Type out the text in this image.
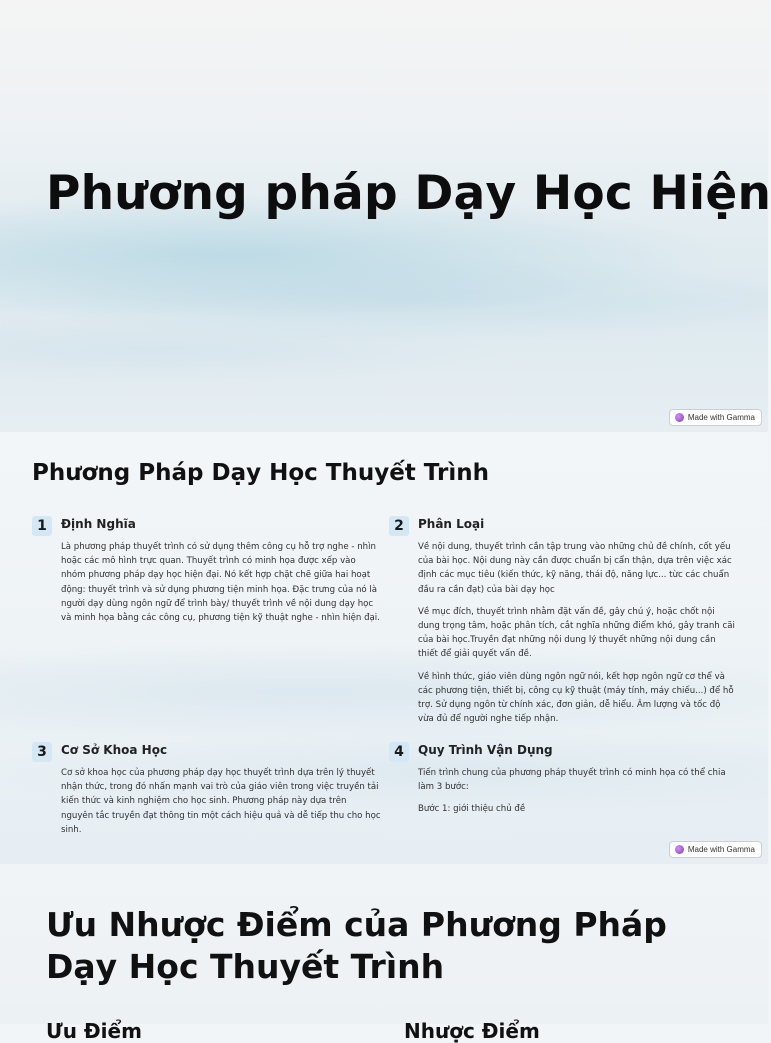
Phương pháp Dạy Học Hiện
Made with Gamma
Phương Pháp Dạy Học Thuyết Trình
1	Định Nghĩa

Là phương pháp thuyết trình có sử dụng thêm công cụ hỗ trợ nghe - nhìn hoặc các mô hình trực quan. Thuyết trình có minh họa được xếp vào nhóm phương pháp dạy học hiện đại. Nó kết hợp chặt chẽ giữa hai hoạt động: thuyết trình và sử dụng phương tiện minh họa. Đặc trưng của nó là người dạy dùng ngôn ngữ để trình bày/ thuyết trình về nội dung dạy học và minh họa bằng các công cụ, phương tiện kỹ thuật nghe - nhìn hiện đại.

2	Phân Loại

Về nội dung, thuyết trình cần tập trung vào những chủ đề chính, cốt yếu của bài học. Nội dung này cần được chuẩn bị cẩn thận, dựa trên việc xác định các mục tiêu (kiến thức, kỹ năng, thái độ, năng lực... từc các chuẩn đầu ra cần đạt) của bài dạy học

Về mục đích, thuyết trình nhằm đặt vấn đề, gây chú ý, hoặc chốt nội dung trọng tâm, hoặc phân tích, cắt nghĩa những điểm khó, gây tranh cãi của bài học.Truyền đạt những nội dung lý thuyết những nội dung cần thiết để giải quyết vấn đề.

Về hình thức, giáo viên dùng ngôn ngữ nói, kết hợp ngôn ngữ cơ thể và các phương tiện, thiết bị, công cụ kỹ thuật (máy tính, máy chiếu...) để hỗ trợ. Sử dụng ngôn từ chính xác, đơn giản, dễ hiểu. Âm lượng và tốc độ vừa đủ để người nghe tiếp nhận.

3	Cơ Sở Khoa Học

Cơ sở khoa học của phương pháp dạy học thuyết trình dựa trên lý thuyết nhận thức, trong đó nhấn mạnh vai trò của giáo viên trong việc truyền tải kiến thức và kinh nghiệm cho học sinh. Phương pháp này dựa trên nguyên tắc truyền đạt thông tin một cách hiệu quả và dễ tiếp thu cho học sinh.

4	Quy Trình Vận Dụng

Tiến trình chung của phương pháp thuyết trình có minh họa có thể chia làm 3 bước:

Bước 1: giới thiệu chủ đề

Made with Gamma
Ưu Nhược Điểm của Phương Pháp Dạy Học Thuyết Trình
Ưu Điểm	Nhược Điểm
